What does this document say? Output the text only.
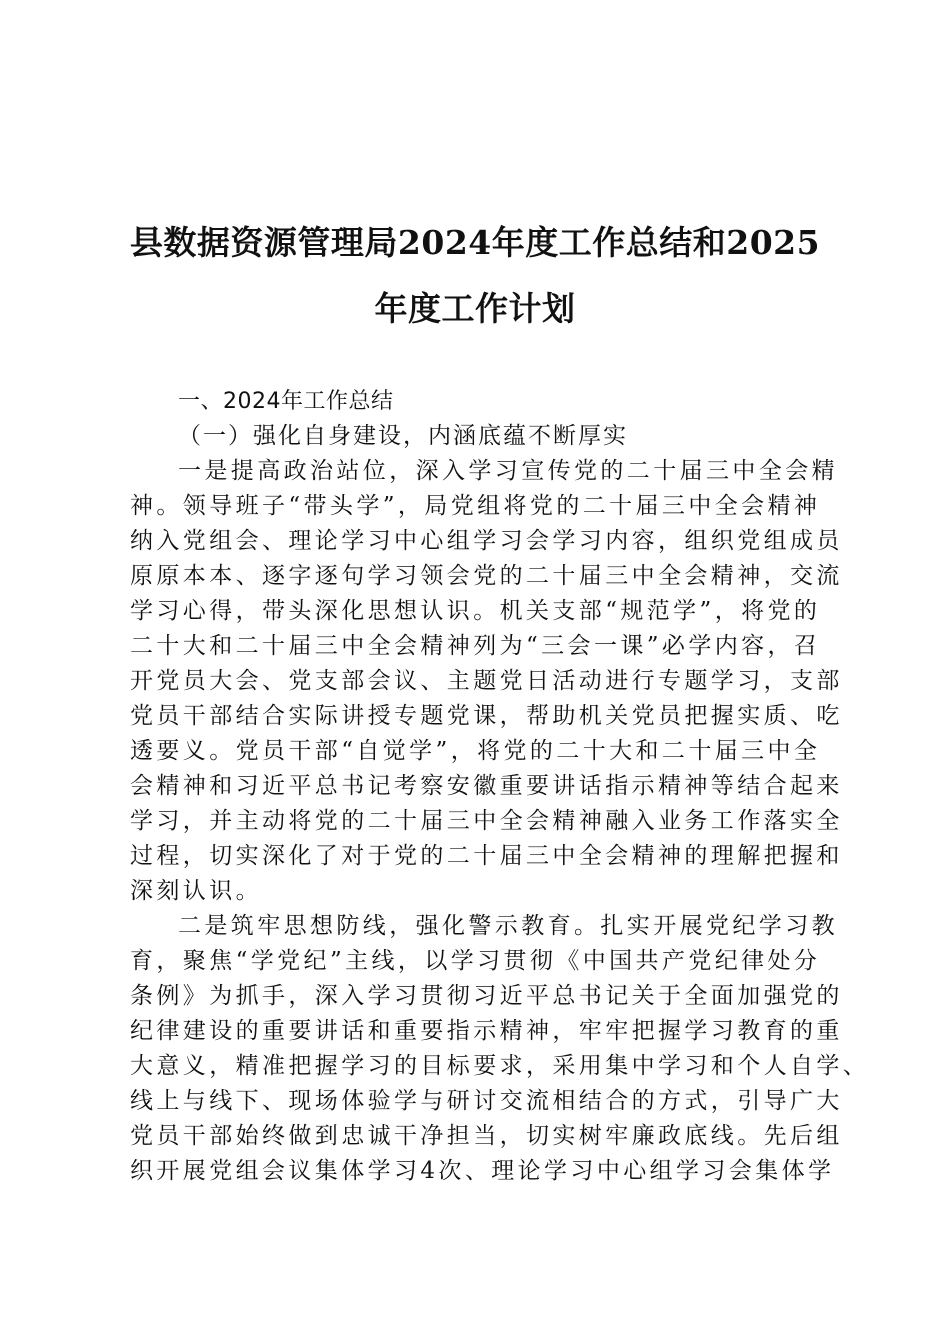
县数据资源管理局2024年度工作总结和2025
年度工作计划

一、2024年工作总结

（一）强化自身建设，内涵底蕴不断厚实

一是提高政治站位，深入学习宣传党的二十届三中全会精
神。领导班子“带头学”，局党组将党的二十届三中全会精神
纳入党组会、理论学习中心组学习会学习内容，组织党组成员
原原本本、逐字逐句学习领会党的二十届三中全会精神，交流
学习心得，带头深化思想认识。机关支部“规范学”，将党的
二十大和二十届三中全会精神列为“三会一课”必学内容，召
开党员大会、党支部会议、主题党日活动进行专题学习，支部
党员干部结合实际讲授专题党课，帮助机关党员把握实质、吃
透要义。党员干部“自觉学”，将党的二十大和二十届三中全
会精神和习近平总书记考察安徽重要讲话指示精神等结合起来
学习，并主动将党的二十届三中全会精神融入业务工作落实全
过程，切实深化了对于党的二十届三中全会精神的理解把握和
深刻认识。
二是筑牢思想防线，强化警示教育。扎实开展党纪学习教
育，聚焦“学党纪”主线，以学习贯彻《中国共产党纪律处分
条例》为抓手，深入学习贯彻习近平总书记关于全面加强党的
纪律建设的重要讲话和重要指示精神，牢牢把握学习教育的重
大意义，精准把握学习的目标要求，采用集中学习和个人自学、
线上与线下、现场体验学与研讨交流相结合的方式，引导广大
党员干部始终做到忠诚干净担当，切实树牢廉政底线。先后组
织开展党组会议集体学习4次、理论学习中心组学习会集体学
